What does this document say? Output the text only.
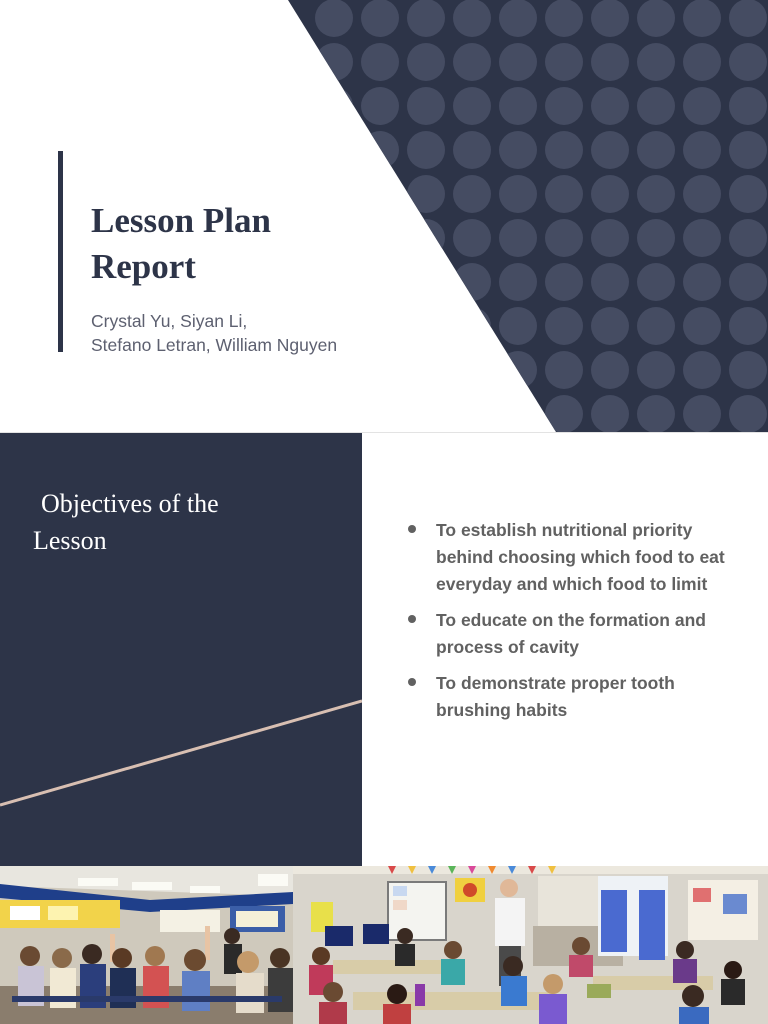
Lesson Plan
Report

Crystal Yu, Siyan Li,
Stefano Letran, William Nguyen

Objectives of the
Lesson	To establish nutritional priority behind choosing which food to eat everyday and which food to limit
To educate on the formation and process of cavity
To demonstrate proper tooth brushing habits
